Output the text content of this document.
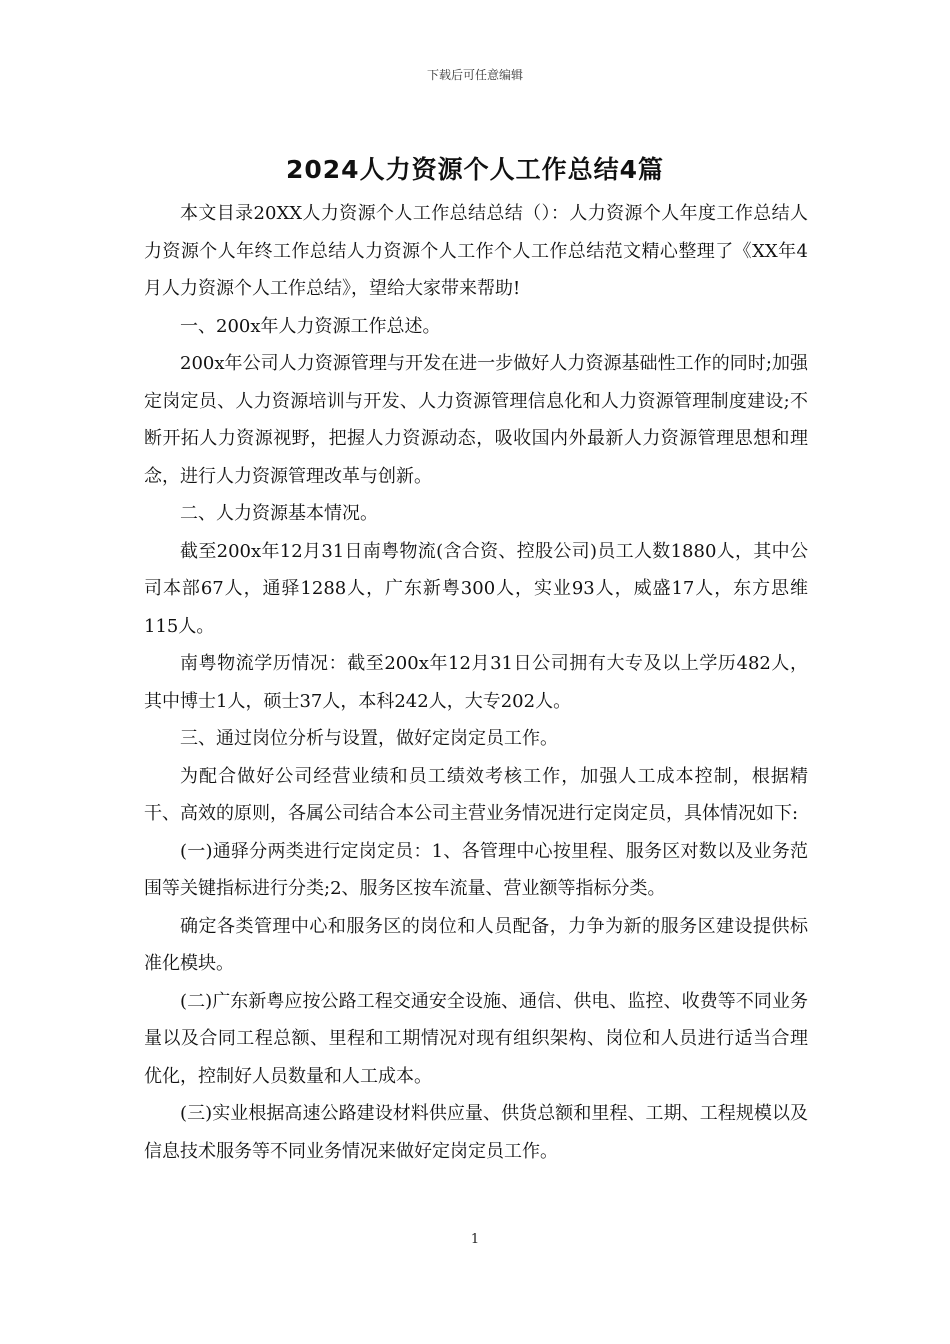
下载后可任意编辑
2024人力资源个人工作总结4篇

本文目录20XX人力资源个人工作总结总结（）：人力资源个人年度工作总结人力资源个人年终工作总结人力资源个人工作个人工作总结范文精心整理了《XX年4月人力资源个人工作总结》，望给大家带来帮助!

一、200x年人力资源工作总述。

200x年公司人力资源管理与开发在进一步做好人力资源基础性工作的同时;加强定岗定员、人力资源培训与开发、人力资源管理信息化和人力资源管理制度建设;不断开拓人力资源视野，把握人力资源动态，吸收国内外最新人力资源管理思想和理念，进行人力资源管理改革与创新。

二、人力资源基本情况。

截至200x年12月31日南粤物流(含合资、控股公司)员工人数1880人，其中公司本部67人，通驿1288人，广东新粤300人，实业93人，威盛17人，东方思维115人。

南粤物流学历情况：截至200x年12月31日公司拥有大专及以上学历482人，其中博士1人，硕士37人，本科242人，大专202人。

三、通过岗位分析与设置，做好定岗定员工作。

为配合做好公司经营业绩和员工绩效考核工作，加强人工成本控制，根据精干、高效的原则，各属公司结合本公司主营业务情况进行定岗定员，具体情况如下:

(一)通驿分两类进行定岗定员：1、各管理中心按里程、服务区对数以及业务范围等关键指标进行分类;2、服务区按车流量、营业额等指标分类。

确定各类管理中心和服务区的岗位和人员配备，力争为新的服务区建设提供标准化模块。

(二)广东新粤应按公路工程交通安全设施、通信、供电、监控、收费等不同业务量以及合同工程总额、里程和工期情况对现有组织架构、岗位和人员进行适当合理优化，控制好人员数量和人工成本。

(三)实业根据高速公路建设材料供应量、供货总额和里程、工期、工程规模以及信息技术服务等不同业务情况来做好定岗定员工作。

1
